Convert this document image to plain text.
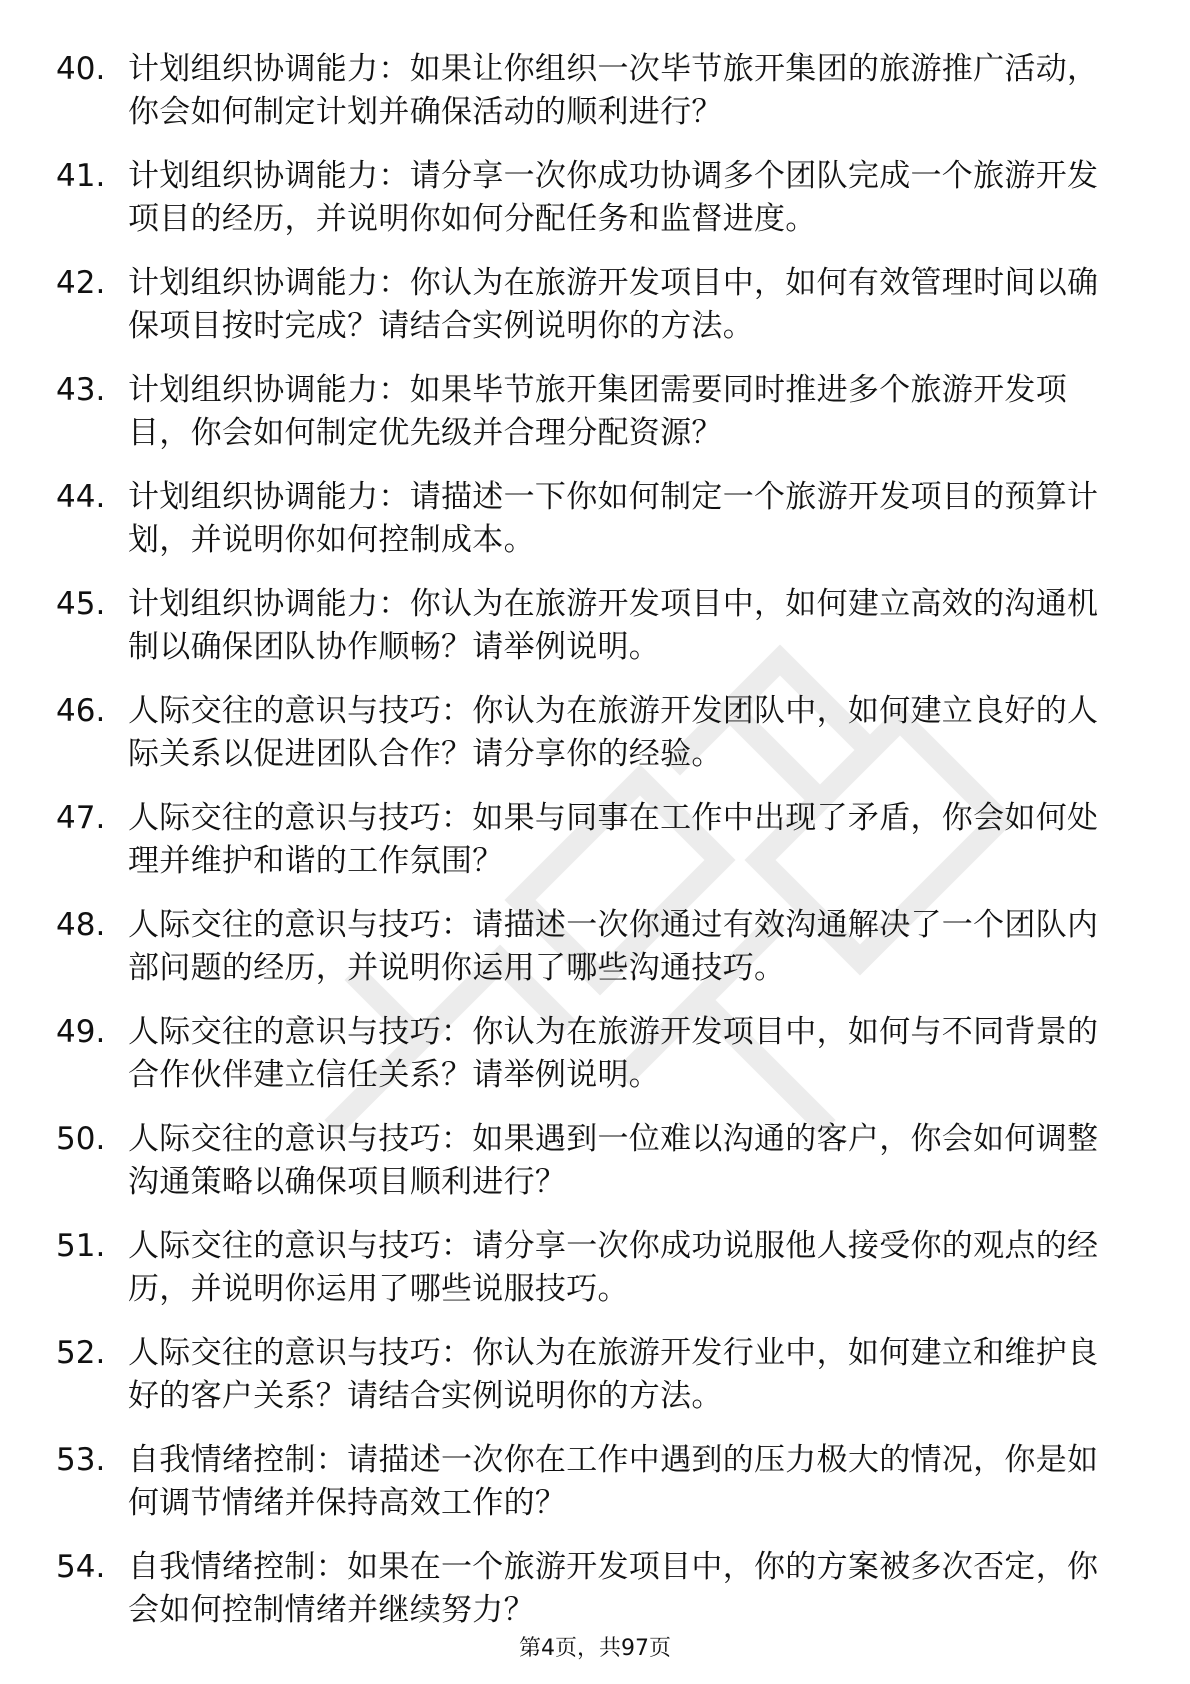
40. 计划组织协调能力：如果让你组织一次毕节旅开集团的旅游推广活动，你会如何制定计划并确保活动的顺利进行？
41. 计划组织协调能力：请分享一次你成功协调多个团队完成一个旅游开发项目的经历，并说明你如何分配任务和监督进度。
42. 计划组织协调能力：你认为在旅游开发项目中，如何有效管理时间以确保项目按时完成？请结合实例说明你的方法。
43. 计划组织协调能力：如果毕节旅开集团需要同时推进多个旅游开发项目，你会如何制定优先级并合理分配资源？
44. 计划组织协调能力：请描述一下你如何制定一个旅游开发项目的预算计划，并说明你如何控制成本。
45. 计划组织协调能力：你认为在旅游开发项目中，如何建立高效的沟通机制以确保团队协作顺畅？请举例说明。
46. 人际交往的意识与技巧：你认为在旅游开发团队中，如何建立良好的人际关系以促进团队合作？请分享你的经验。
47. 人际交往的意识与技巧：如果与同事在工作中出现了矛盾，你会如何处理并维护和谐的工作氛围？
48. 人际交往的意识与技巧：请描述一次你通过有效沟通解决了一个团队内部问题的经历，并说明你运用了哪些沟通技巧。
49. 人际交往的意识与技巧：你认为在旅游开发项目中，如何与不同背景的合作伙伴建立信任关系？请举例说明。
50. 人际交往的意识与技巧：如果遇到一位难以沟通的客户，你会如何调整沟通策略以确保项目顺利进行？
51. 人际交往的意识与技巧：请分享一次你成功说服他人接受你的观点的经历，并说明你运用了哪些说服技巧。
52. 人际交往的意识与技巧：你认为在旅游开发行业中，如何建立和维护良好的客户关系？请结合实例说明你的方法。
53. 自我情绪控制：请描述一次你在工作中遇到的压力极大的情况，你是如何调节情绪并保持高效工作的？
54. 自我情绪控制：如果在一个旅游开发项目中，你的方案被多次否定，你会如何控制情绪并继续努力？
第4页，共97页
